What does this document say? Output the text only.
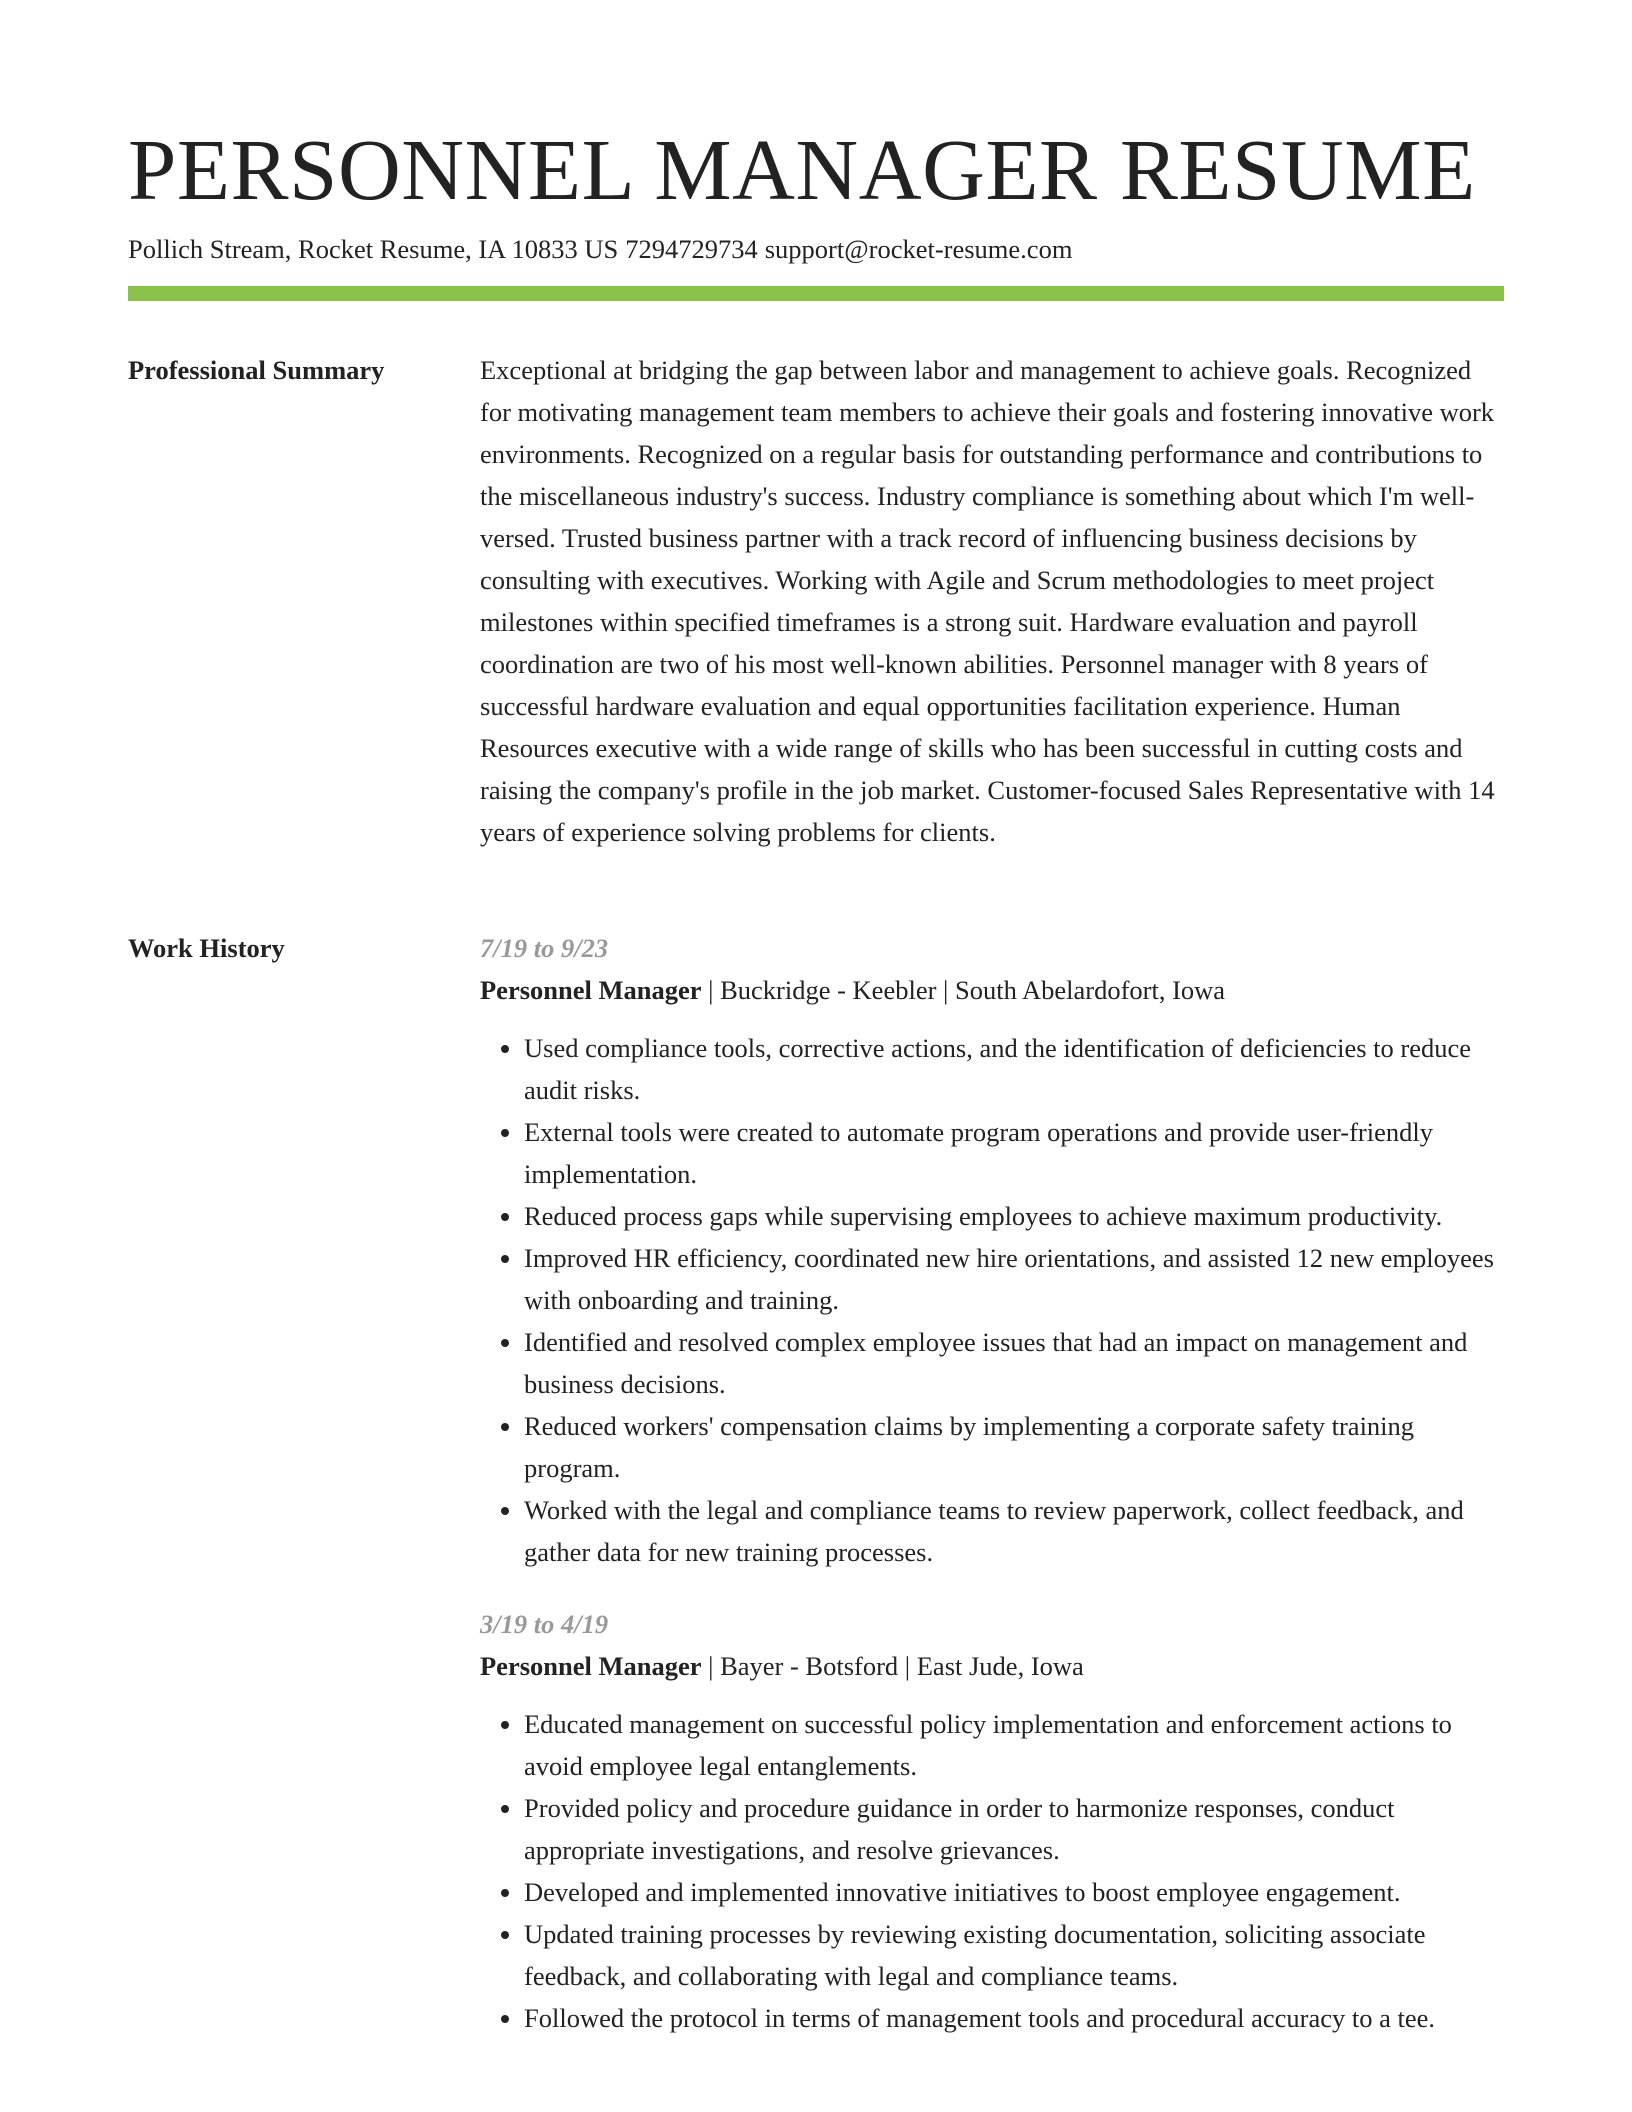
PERSONNEL MANAGER RESUME
Pollich Stream, Rocket Resume, IA 10833 US 7294729734 support@rocket-resume.com
Professional Summary	Exceptional at bridging the gap between labor and management to achieve goals. Recognized for motivating management team members to achieve their goals and fostering innovative work environments. Recognized on a regular basis for outstanding performance and contributions to the miscellaneous industry's success. Industry compliance is something about which I'm well-versed. Trusted business partner with a track record of influencing business decisions by consulting with executives. Working with Agile and Scrum methodologies to meet project milestones within specified timeframes is a strong suit. Hardware evaluation and payroll coordination are two of his most well-known abilities. Personnel manager with 8 years of successful hardware evaluation and equal opportunities facilitation experience. Human Resources executive with a wide range of skills who has been successful in cutting costs and raising the company's profile in the job market. Customer-focused Sales Representative with 14 years of experience solving problems for clients.

Work History	7/19 to 9/23
Personnel Manager | Buckridge - Keebler | South Abelardofort, Iowa
• Used compliance tools, corrective actions, and the identification of deficiencies to reduce audit risks.
• External tools were created to automate program operations and provide user-friendly implementation.
• Reduced process gaps while supervising employees to achieve maximum productivity.
• Improved HR efficiency, coordinated new hire orientations, and assisted 12 new employees with onboarding and training.
• Identified and resolved complex employee issues that had an impact on management and business decisions.
• Reduced workers' compensation claims by implementing a corporate safety training program.
• Worked with the legal and compliance teams to review paperwork, collect feedback, and gather data for new training processes.
3/19 to 4/19
Personnel Manager | Bayer - Botsford | East Jude, Iowa
• Educated management on successful policy implementation and enforcement actions to avoid employee legal entanglements.
• Provided policy and procedure guidance in order to harmonize responses, conduct appropriate investigations, and resolve grievances.
• Developed and implemented innovative initiatives to boost employee engagement.
• Updated training processes by reviewing existing documentation, soliciting associate feedback, and collaborating with legal and compliance teams.
• Followed the protocol in terms of management tools and procedural accuracy to a tee.
